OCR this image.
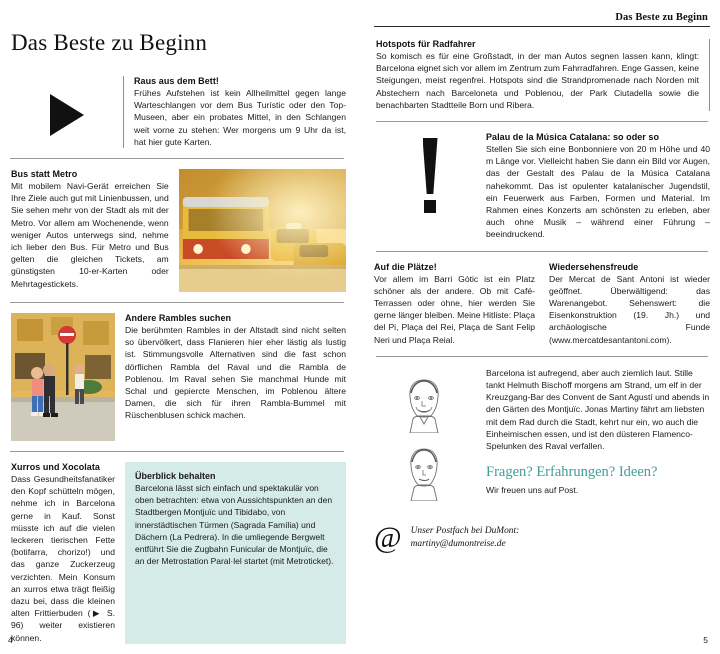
Das Beste zu Beginn
Raus aus dem Bett!

Frühes Aufstehen ist kein Allheilmittel gegen lange Warteschlangen vor dem Bus Turístic oder den Top-Museen, aber ein probates Mittel, in den Schlangen weit vorne zu stehen: Wer morgens um 9 Uhr da ist, hat hier gute Karten.

Bus statt Metro

Mit mobilem Navi-Gerät erreichen Sie Ihre Ziele auch gut mit Linienbussen, und Sie sehen mehr von der Stadt als mit der Metro. Vor allem am Wochenende, wenn weniger Autos unterwegs sind, nehme ich lieber den Bus. Für Metro und Bus gelten die gleichen Tickets, am günstigsten 10-er-Karten oder Mehrtagestickets.

Andere Rambles suchen

Die berühmten Rambles in der Altstadt sind nicht selten so übervölkert, dass Flanieren hier eher lästig als lustig ist. Stimmungsvolle Alternativen sind die fast schon dörflichen Rambla del Raval und die Rambla de Poblenou. Im Raval sehen Sie manchmal Hunde mit Schal und gepiercte Menschen, im Poblenou ältere Damen, die sich für ihren Rambla-Bummel mit Rüschenblusen schick machen.

Xurros und Xocolata

Dass Gesundheitsfanatiker den Kopf schütteln mögen, nehme ich in Barcelona gerne in Kauf. Sonst müsste ich auf die vielen leckeren tierischen Fette (botifarra, chorizo!) und das ganze Zuckerzeug verzichten. Mein Konsum an xurros etwa trägt fleißig dazu bei, dass die kleinen alten Frittierbuden (▶ S. 96) weiter existieren können.

Überblick behalten

Barcelona lässt sich einfach und spektakulär von oben betrachten: etwa von Aussichtspunkten an den Stadtbergen Montjuïc und Tibidabo, von innerstädtischen Türmen (Sagrada Família) und Dächern (La Pedrera). In die umliegende Bergwelt entführt Sie die Zugbahn Funicular de Montjuïc, die an der Metrostation Paral·lel startet (mit Metroticket).

4
Das Beste zu Beginn
Hotspots für Radfahrer

So komisch es für eine Großstadt, in der man Autos segnen lassen kann, klingt: Barcelona eignet sich vor allem im Zentrum zum Fahrradfahren. Enge Gassen, keine Steigungen, meist regenfrei. Hotspots sind die Strandpromenade nach Norden mit Abstechern nach Barceloneta und Poblenou, der Park Ciutadella sowie die benachbarten Stadtteile Born und Ribera.

Palau de la Música Catalana: so oder so

Stellen Sie sich eine Bonbonniere von 20 m Höhe und 40 m Länge vor. Vielleicht haben Sie dann ein Bild vor Augen, das der Gestalt des Palau de la Música Catalana nahekommt. Das ist opulenter katalanischer Jugendstil, ein Feuerwerk aus Farben, Formen und Material. Im Rahmen eines Konzerts am schönsten zu erleben, aber auch ohne Musik – während einer Führung – beeindruckend.

Auf die Plätze!

Vor allem im Barri Gòtic ist ein Platz schöner als der andere. Ob mit Café-Terrassen oder ohne, hier werden Sie gerne länger bleiben. Meine Hitliste: Plaça del Pi, Plaça del Rei, Plaça de Sant Felip Neri und Plaça Reial.

Wiedersehensfreude

Der Mercat de Sant Antoni ist wieder geöffnet. Überwältigend: das Warenangebot. Sehenswert: die Eisenkonstruktion (19. Jh.) und archäologische Funde (www.mercatdesantantoni.com).

Barcelona ist aufregend, aber auch ziemlich laut. Stille tankt Helmuth Bischoff morgens am Strand, um elf in der Kreuzgang-Bar des Convent de Sant Agustí und abends in den Gärten des Montjuïc. Jonas Martiny fährt am liebsten mit dem Rad durch die Stadt, kehrt nur ein, wo auch die Einheimischen essen, und ist den düsteren Flamenco-Spelunken des Raval verfallen.

Fragen? Erfahrungen? Ideen?

Wir freuen uns auf Post.

@ Unser Postfach bei DuMont:
martiny@dumontreise.de
5
